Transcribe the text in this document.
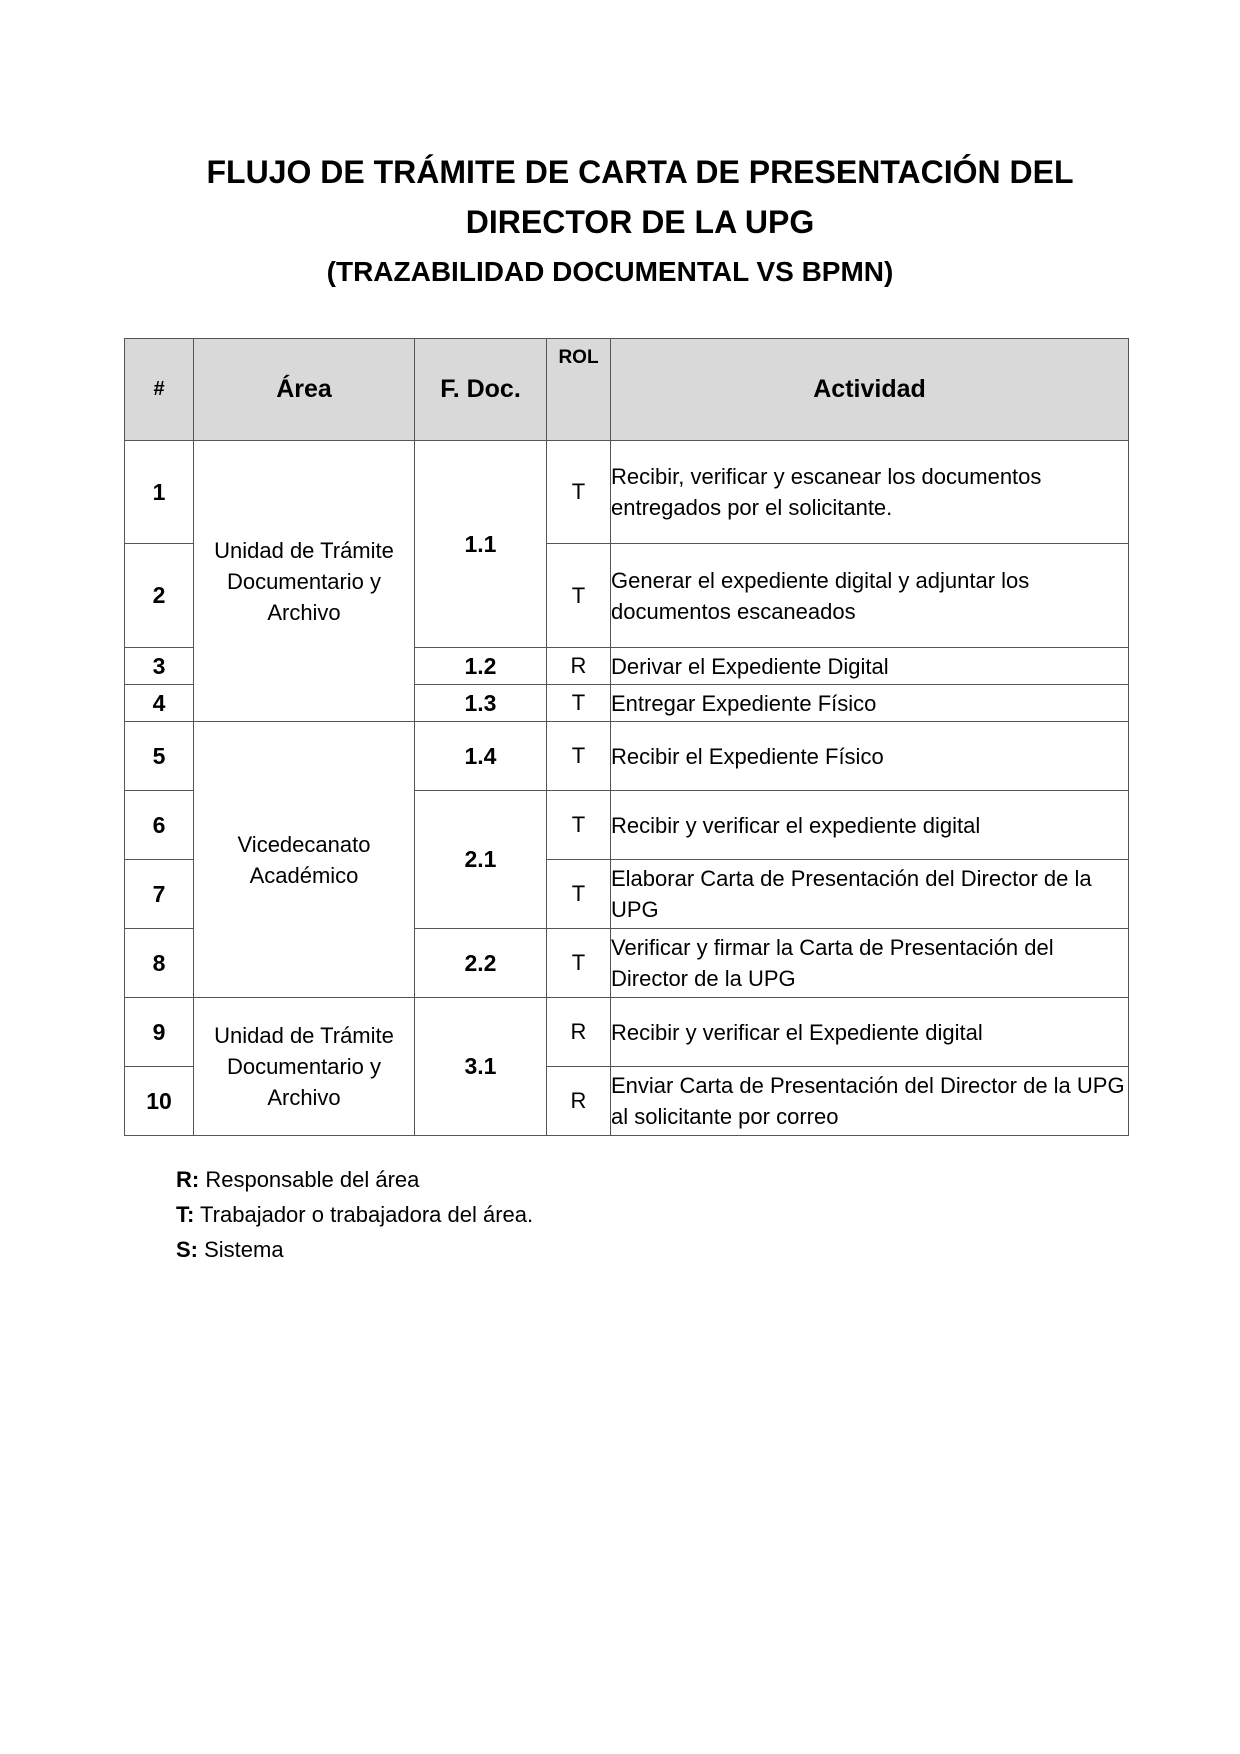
FLUJO DE TRÁMITE DE CARTA DE PRESENTACIÓN DEL
DIRECTOR DE LA UPG
(TRAZABILIDAD DOCUMENTAL VS BPMN)
#	Área	F. Doc.	ROL	Actividad
1	Unidad de Trámite Documentario y Archivo	1.1	T	Recibir, verificar y escanear los documentos entregados por el solicitante.
2			T	Generar el expediente digital y adjuntar los documentos escaneados
3		1.2	R	Derivar el Expediente Digital
4		1.3	T	Entregar Expediente Físico
5	Vicedecanato Académico	1.4	T	Recibir el Expediente Físico
6		2.1	T	Recibir y verificar el expediente digital
7			T	Elaborar Carta de Presentación del Director de la UPG
8		2.2	T	Verificar y firmar la Carta de Presentación del Director de la UPG
9	Unidad de Trámite Documentario y Archivo	3.1	R	Recibir y verificar el Expediente digital
10			R	Enviar Carta de Presentación del Director de la UPG al solicitante por correo
R: Responsable del área
T: Trabajador o trabajadora del área.
S: Sistema
